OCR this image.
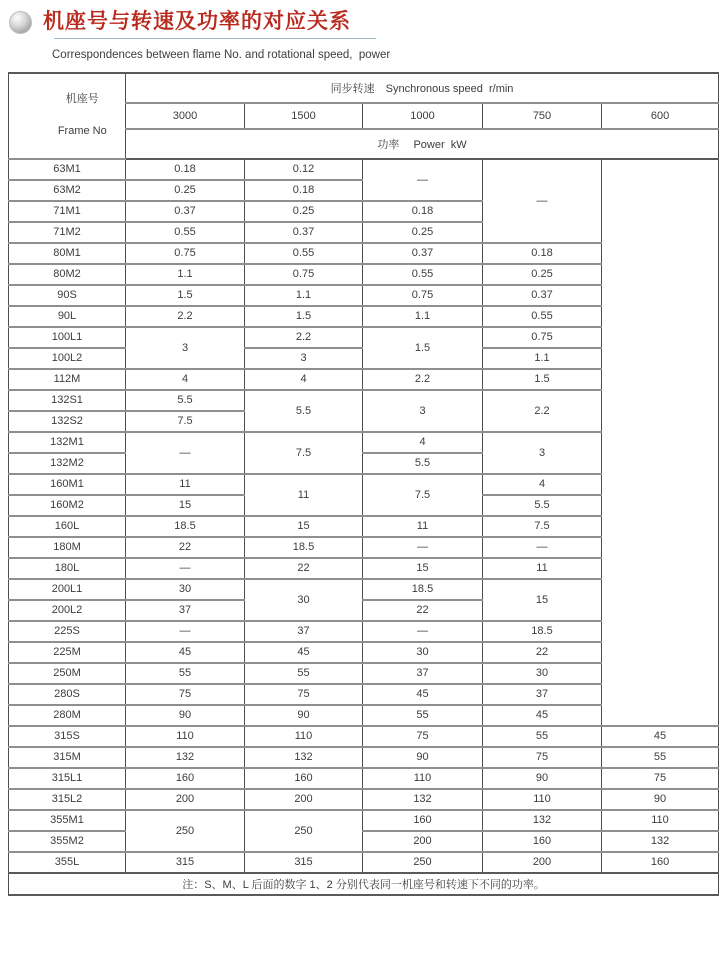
机座号与转速及功率的对应关系
Correspondences between flame No. and rotational speed,  power

机座号

Frame No	同步转速　Synchronous speed  r/min				
	3000	1500	1000	750	600
	功率　 Power  kW				
63M1	0.18	0.12	—	—	
63M2	0.25	0.18			
71M1	0.37	0.25	0.18		
71M2	0.55	0.37	0.25		
80M1	0.75	0.55	0.37	0.18	
80M2	1.1	0.75	0.55	0.25	
90S	1.5	1.1	0.75	0.37	
90L	2.2	1.5	1.1	0.55	
100L1	3	2.2	1.5	0.75	
100L2		3		1.1	
112M	4	4	2.2	1.5	
132S1	5.5	5.5	3	2.2	
132S2	7.5				
132M1	—	7.5	4	3	
132M2			5.5		
160M1	11	11	7.5	4	
160M2	15			5.5	
160L	18.5	15	11	7.5	
180M	22	18.5	—	—	
180L	—	22	15	11	
200L1	30	30	18.5	15	
200L2	37		22		
225S	—	37	—	18.5	
225M	45	45	30	22	
250M	55	55	37	30	
280S	75	75	45	37	
280M	90	90	55	45	
315S	110	110	75	55	45
315M	132	132	90	75	55
315L1	160	160	110	90	75
315L2	200	200	132	110	90
355M1	250	250	160	132	110
355M2			200	160	132
355L	315	315	250	200	160
注：S、M、L 后面的数字 1、2 分别代表同一机座号和转速下不同的功率。					
